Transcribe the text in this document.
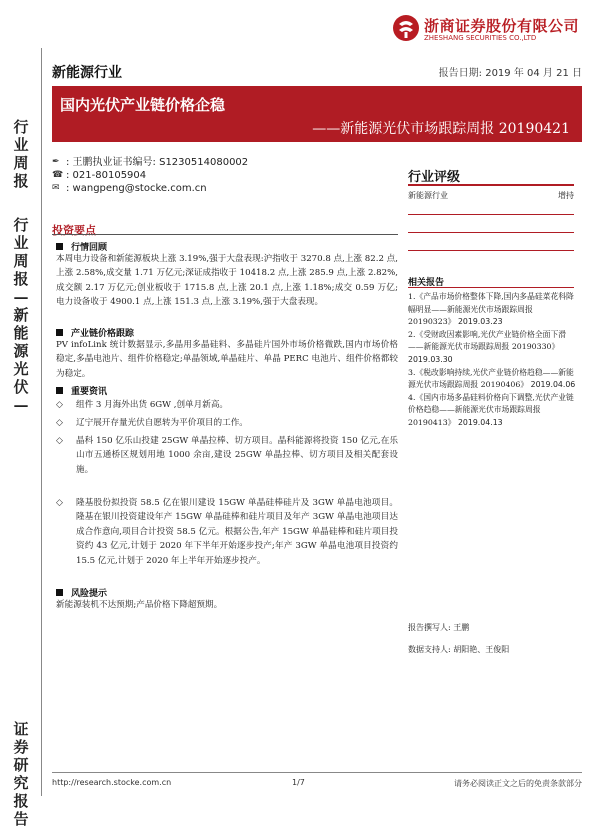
浙商证券股份有限公司
ZHESHANG SECURITIES CO.,LTD
行
业
周
报
行
业
周
报
—
新
能
源
光
伏
—
证
券
研
究
报
告
新能源行业	报告日期: 2019 年 04 月 21 日
国内光伏产业链价格企稳
——新能源光伏市场跟踪周报 20190421
✒ : 王鹏执业证书编号: S1230514080002
☎ : 021-80105904
✉ : wangpeng@stocke.com.cn
行业评级
新能源行业	增持
相关报告
1.《产品市场价格整体下降,国内多晶硅菜花科降幅明显——新能源光伏市场跟踪周报 20190323》 2019.03.23
2.《受财政因素影响,光伏产业链价格全面下滑——新能源光伏市场跟踪周报 20190330》 2019.03.30
3.《税改影响持续,光伏产业链价格趋稳——新能源光伏市场跟踪周报 20190406》 2019.04.06
4.《国内市场多晶硅料价格向下调整,光伏产业链价格趋稳——新能源光伏市场跟踪周报 20190413》 2019.04.13
报告撰写人: 王鹏
数据支持人: 胡阳艳、王俊阳
投资要点
行情回顾
本周电力设备和新能源板块上涨 3.19%,强于大盘表现:沪指收于 3270.8 点,上涨 82.2 点,上涨 2.58%,成交量 1.71 万亿元;深证成指收于 10418.2 点,上涨 285.9 点,上涨 2.82%,成交额 2.17 万亿元;创业板收于 1715.8 点,上涨 20.1 点,上涨 1.18%;成交 0.59 万亿;电力设备收于 4900.1 点,上涨 151.3 点,上涨 3.19%,强于大盘表现。
产业链价格跟踪
PV infoLink 统计数据显示,多晶用多晶硅料、多晶硅片国外市场价格微跌,国内市场价格稳定,多晶电池片、组件价格稳定;单晶领域,单晶硅片、单晶 PERC 电池片、组件价格都较为稳定。
重要资讯
◇	组件 3 月海外出货 6GW ,创单月新高。
◇	辽宁展开存量光伏自愿转为平价项目的工作。
◇	晶科 150 亿乐山投建 25GW 单晶拉棒、切方项目。晶科能源将投资 150 亿元,在乐山市五通桥区规划用地 1000 余亩,建设 25GW 单晶拉棒、切方项目及相关配套设施。
◇	隆基股份拟投资 58.5 亿在银川建设 15GW 单晶硅棒硅片及 3GW 单晶电池项目。隆基在银川投资建设年产 15GW 单晶硅棒和硅片项目及年产 3GW 单晶电池项目达成合作意向,项目合计投资 58.5 亿元。根据公告,年产 15GW 单晶硅棒和硅片项目投资约 43 亿元,计划于 2020 年下半年开始逐步投产;年产 3GW 单晶电池项目投资约 15.5 亿元,计划于 2020 年上半年开始逐步投产。
风险提示
新能源装机不达预期;产品价格下降超预期。
http://research.stocke.com.cn	1/7	请务必阅读正文之后的免责条款部分
